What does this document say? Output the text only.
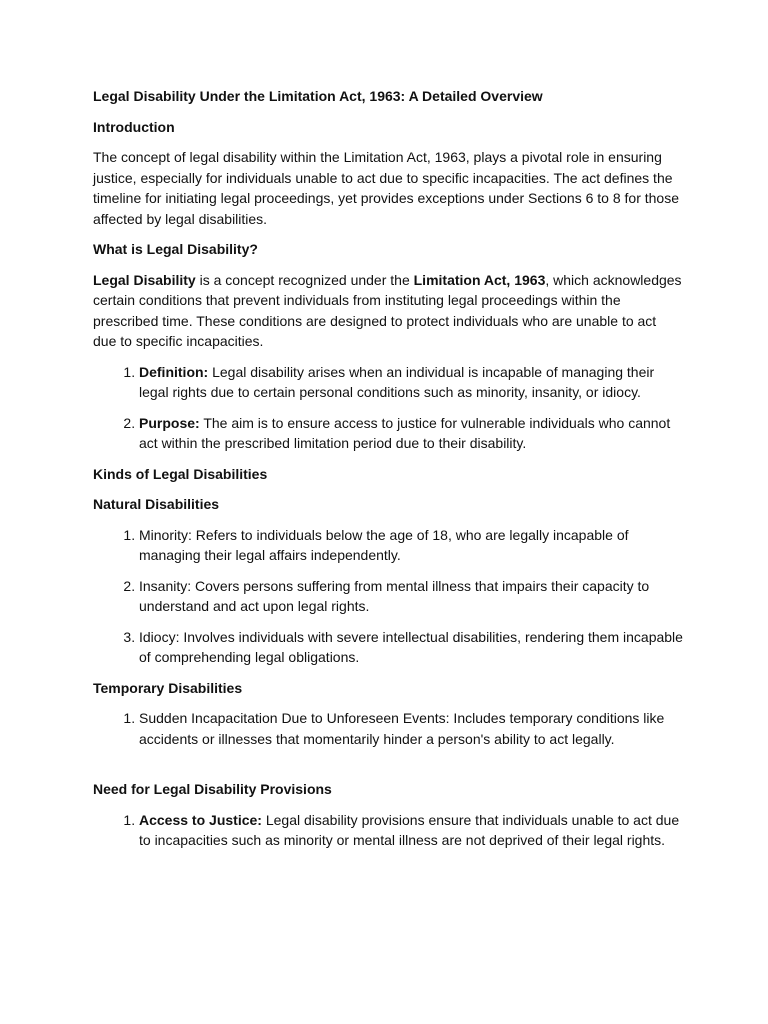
Legal Disability Under the Limitation Act, 1963: A Detailed Overview
Introduction
The concept of legal disability within the Limitation Act, 1963, plays a pivotal role in ensuring justice, especially for individuals unable to act due to specific incapacities. The act defines the timeline for initiating legal proceedings, yet provides exceptions under Sections 6 to 8 for those affected by legal disabilities.
What is Legal Disability?
Legal Disability is a concept recognized under the Limitation Act, 1963, which acknowledges certain conditions that prevent individuals from instituting legal proceedings within the prescribed time. These conditions are designed to protect individuals who are unable to act due to specific incapacities.
1. Definition: Legal disability arises when an individual is incapable of managing their legal rights due to certain personal conditions such as minority, insanity, or idiocy.
2. Purpose: The aim is to ensure access to justice for vulnerable individuals who cannot act within the prescribed limitation period due to their disability.
Kinds of Legal Disabilities
Natural Disabilities
1. Minority: Refers to individuals below the age of 18, who are legally incapable of managing their legal affairs independently.
2. Insanity: Covers persons suffering from mental illness that impairs their capacity to understand and act upon legal rights.
3. Idiocy: Involves individuals with severe intellectual disabilities, rendering them incapable of comprehending legal obligations.
Temporary Disabilities
1. Sudden Incapacitation Due to Unforeseen Events: Includes temporary conditions like accidents or illnesses that momentarily hinder a person's ability to act legally.
Need for Legal Disability Provisions
1. Access to Justice: Legal disability provisions ensure that individuals unable to act due to incapacities such as minority or mental illness are not deprived of their legal rights.
